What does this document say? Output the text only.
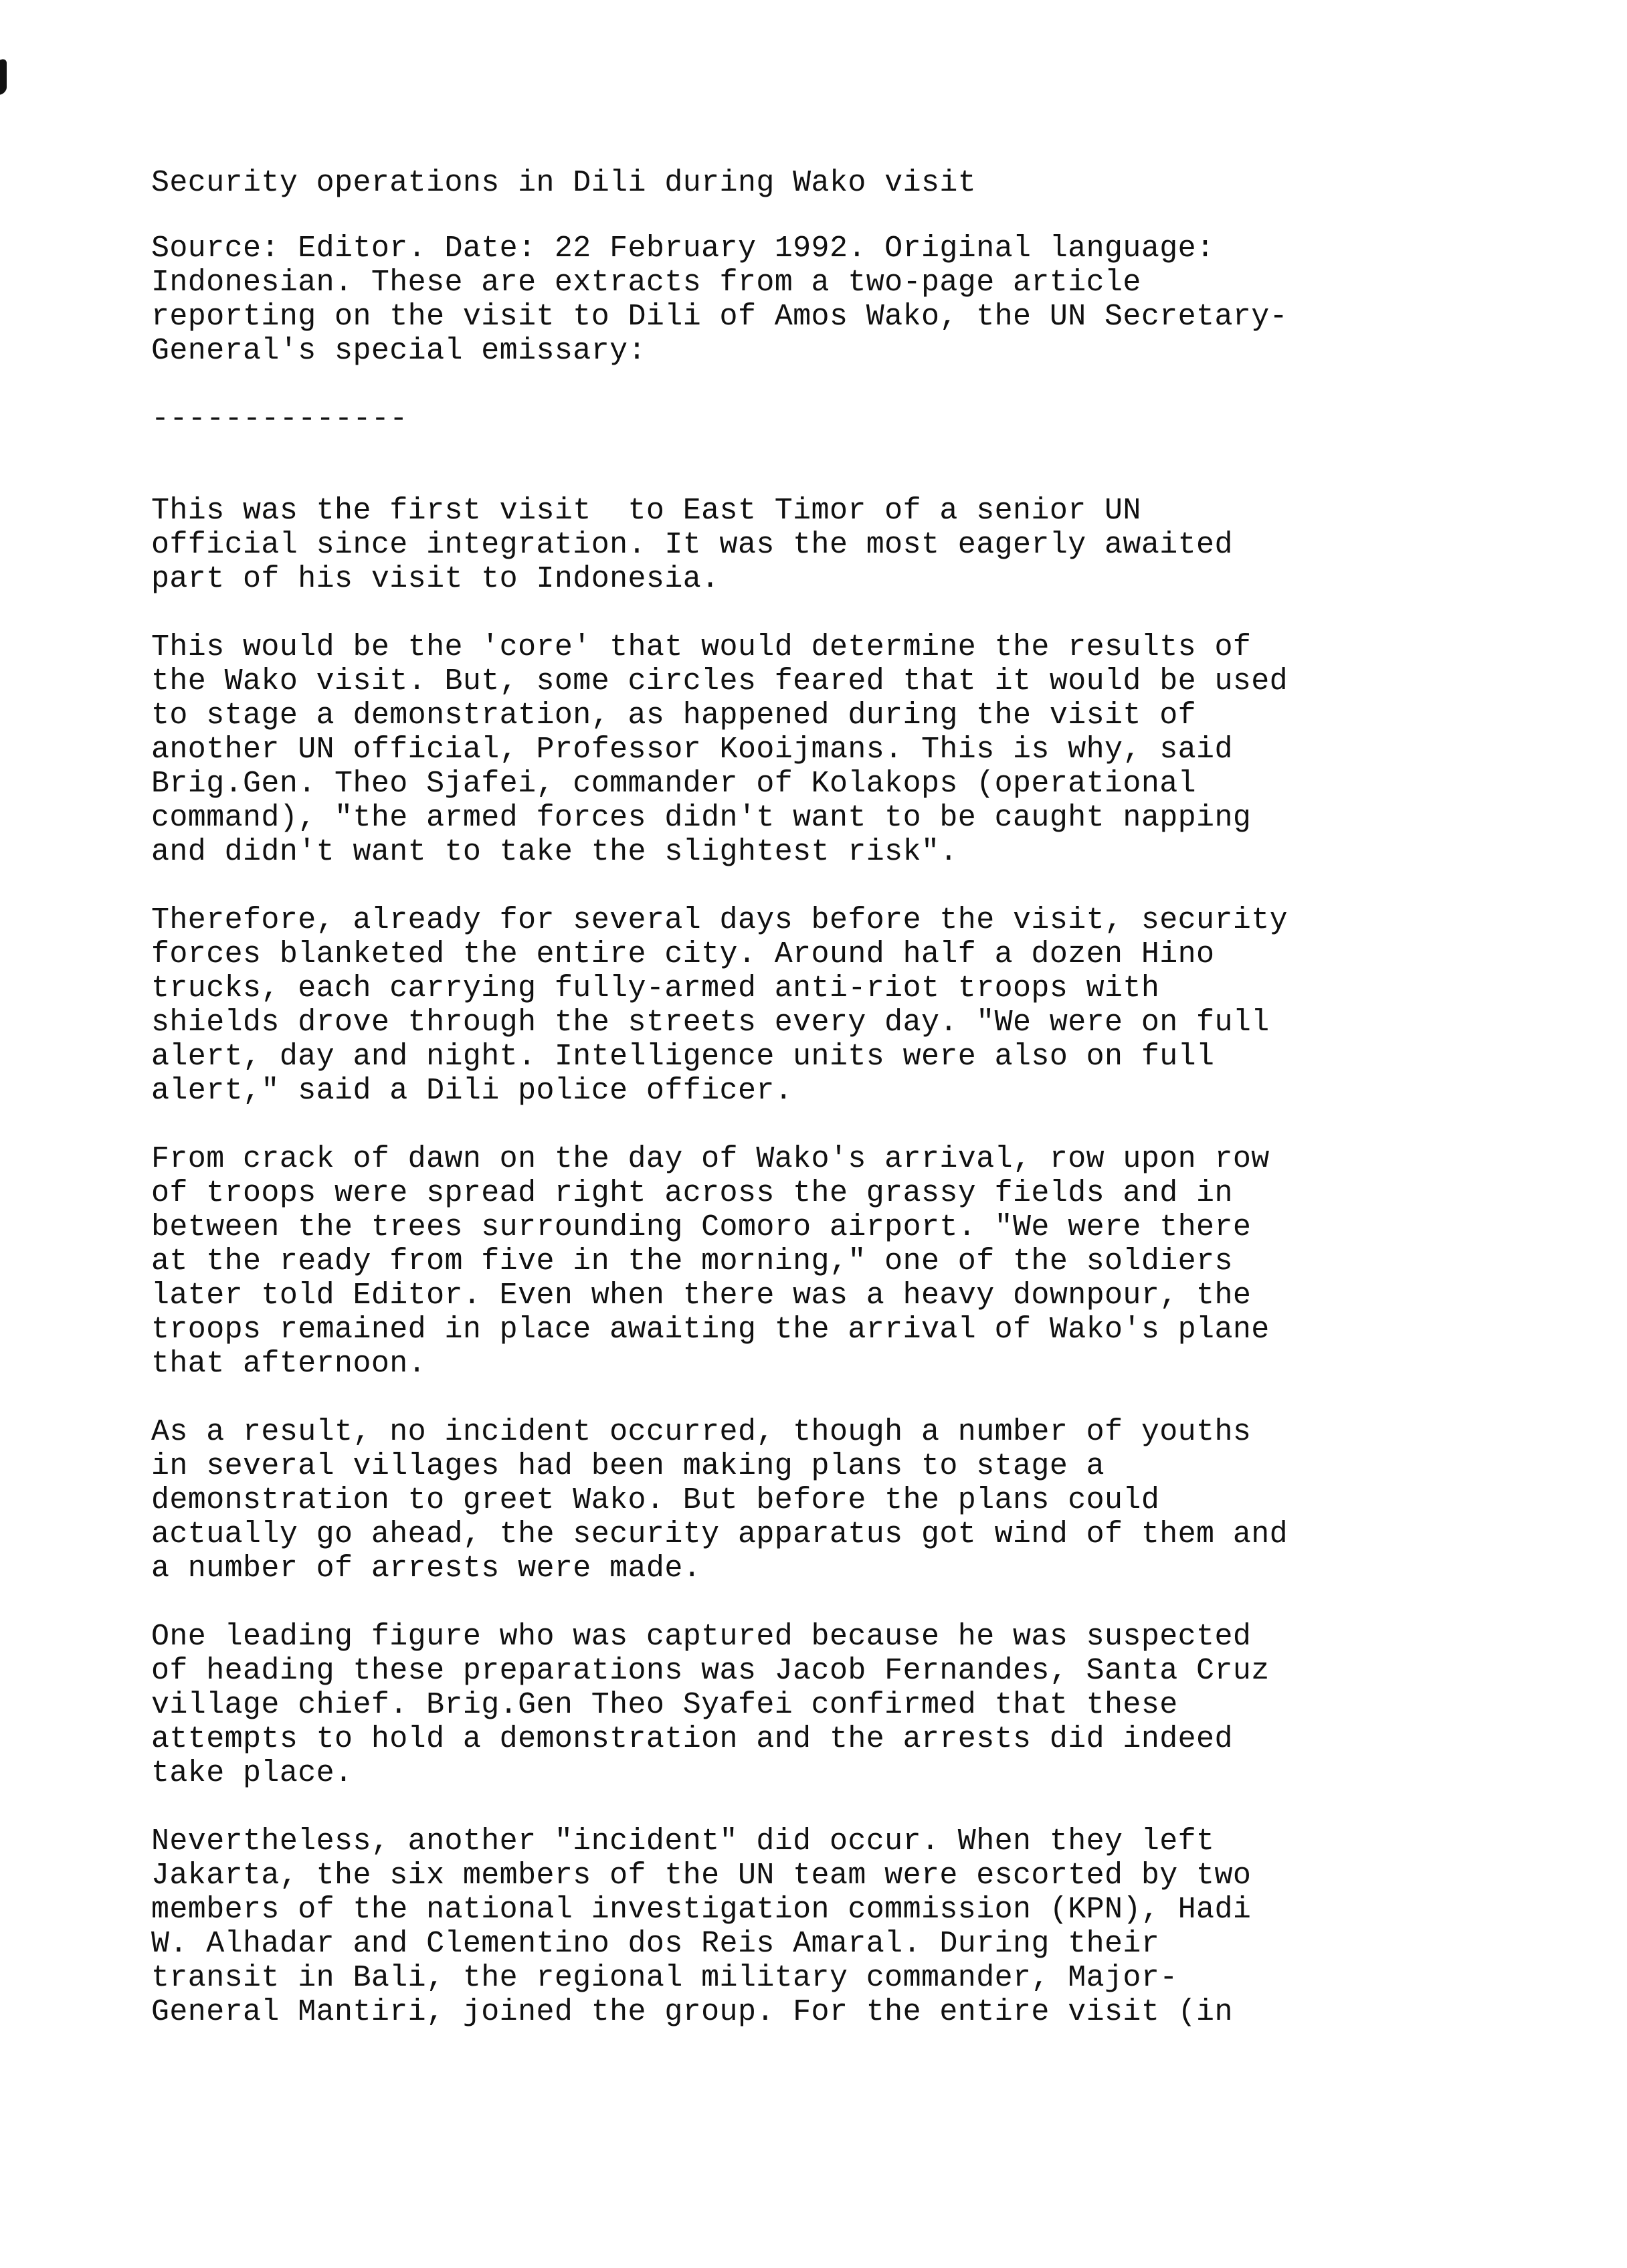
Security operations in Dili during Wako visit
Source: Editor. Date: 22 February 1992. Original language:
Indonesian. These are extracts from a two-page article
reporting on the visit to Dili of Amos Wako, the UN Secretary-
General's special emissary:
--------------
This was the first visit  to East Timor of a senior UN
official since integration. It was the most eagerly awaited
part of his visit to Indonesia.
This would be the 'core' that would determine the results of
the Wako visit. But, some circles feared that it would be used
to stage a demonstration, as happened during the visit of
another UN official, Professor Kooijmans. This is why, said
Brig.Gen. Theo Sjafei, commander of Kolakops (operational
command), "the armed forces didn't want to be caught napping
and didn't want to take the slightest risk".
Therefore, already for several days before the visit, security
forces blanketed the entire city. Around half a dozen Hino
trucks, each carrying fully-armed anti-riot troops with
shields drove through the streets every day. "We were on full
alert, day and night. Intelligence units were also on full
alert," said a Dili police officer.
From crack of dawn on the day of Wako's arrival, row upon row
of troops were spread right across the grassy fields and in
between the trees surrounding Comoro airport. "We were there
at the ready from five in the morning," one of the soldiers
later told Editor. Even when there was a heavy downpour, the
troops remained in place awaiting the arrival of Wako's plane
that afternoon.
As a result, no incident occurred, though a number of youths
in several villages had been making plans to stage a
demonstration to greet Wako. But before the plans could
actually go ahead, the security apparatus got wind of them and
a number of arrests were made.
One leading figure who was captured because he was suspected
of heading these preparations was Jacob Fernandes, Santa Cruz
village chief. Brig.Gen Theo Syafei confirmed that these
attempts to hold a demonstration and the arrests did indeed
take place.
Nevertheless, another "incident" did occur. When they left
Jakarta, the six members of the UN team were escorted by two
members of the national investigation commission (KPN), Hadi
W. Alhadar and Clementino dos Reis Amaral. During their
transit in Bali, the regional military commander, Major-
General Mantiri, joined the group. For the entire visit (in
